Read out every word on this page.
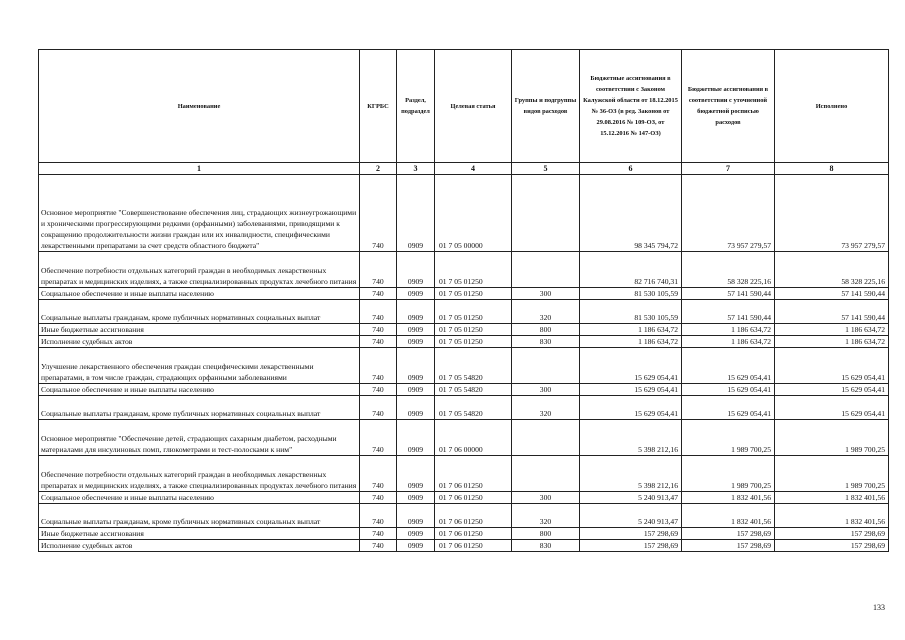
Наименование	КГРБС	Раздел, подраздел	Целевая статья	Группы и подгруппы видов расходов	Бюджетные ассигнования в соответствии с Законом Калужской области от 18.12.2015 № 36-ОЗ (в ред. Законов от 29.08.2016 № 109-ОЗ, от 15.12.2016 № 147-ОЗ)	Бюджетные ассигнования в соответствии с уточненной бюджетной росписью расходов	Исполнено
1	2	3	4	5	6	7	8
Основное мероприятие "Совершенствование обеспечения лиц, страдающих жизнеугрожающими и хроническими прогрессирующими редкими (орфанными) заболеваниями, приводящими к сокращению продолжительности жизни граждан или их инвалидности, специфическими лекарственными препаратами за счет средств областного бюджета"	740	0909	01 7 05 00000		98 345 794,72	73 957 279,57	73 957 279,57
Обеспечение потребности отдельных категорий граждан в необходимых лекарственных препаратах и медицинских изделиях, а также специализированных продуктах лечебного питания	740	0909	01 7 05 01250		82 716 740,31	58 328 225,16	58 328 225,16
Социальное обеспечение и иные выплаты населению	740	0909	01 7 05 01250	300	81 530 105,59	57 141 590,44	57 141 590,44
Социальные выплаты гражданам, кроме публичных нормативных социальных выплат	740	0909	01 7 05 01250	320	81 530 105,59	57 141 590,44	57 141 590,44
Иные бюджетные ассигнования	740	0909	01 7 05 01250	800	1 186 634,72	1 186 634,72	1 186 634,72
Исполнение судебных актов	740	0909	01 7 05 01250	830	1 186 634,72	1 186 634,72	1 186 634,72
Улучшение лекарственного обеспечения граждан специфическими лекарственными препаратами, в том числе граждан, страдающих орфанными заболеваниями	740	0909	01 7 05 54820		15 629 054,41	15 629 054,41	15 629 054,41
Социальное обеспечение и иные выплаты населению	740	0909	01 7 05 54820	300	15 629 054,41	15 629 054,41	15 629 054,41
Социальные выплаты гражданам, кроме публичных нормативных социальных выплат	740	0909	01 7 05 54820	320	15 629 054,41	15 629 054,41	15 629 054,41
Основное мероприятие "Обеспечение детей, страдающих сахарным диабетом, расходными материалами для инсулиновых помп, глюкометрами и тест-полосками к ним"	740	0909	01 7 06 00000		5 398 212,16	1 989 700,25	1 989 700,25
Обеспечение потребности отдельных категорий граждан в необходимых лекарственных препаратах и медицинских изделиях, а также специализированных продуктах лечебного питания	740	0909	01 7 06 01250		5 398 212,16	1 989 700,25	1 989 700,25
Социальное обеспечение и иные выплаты населению	740	0909	01 7 06 01250	300	5 240 913,47	1 832 401,56	1 832 401,56
Социальные выплаты гражданам, кроме публичных нормативных социальных выплат	740	0909	01 7 06 01250	320	5 240 913,47	1 832 401,56	1 832 401,56
Иные бюджетные ассигнования	740	0909	01 7 06 01250	800	157 298,69	157 298,69	157 298,69
Исполнение судебных актов	740	0909	01 7 06 01250	830	157 298,69	157 298,69	157 298,69
133
